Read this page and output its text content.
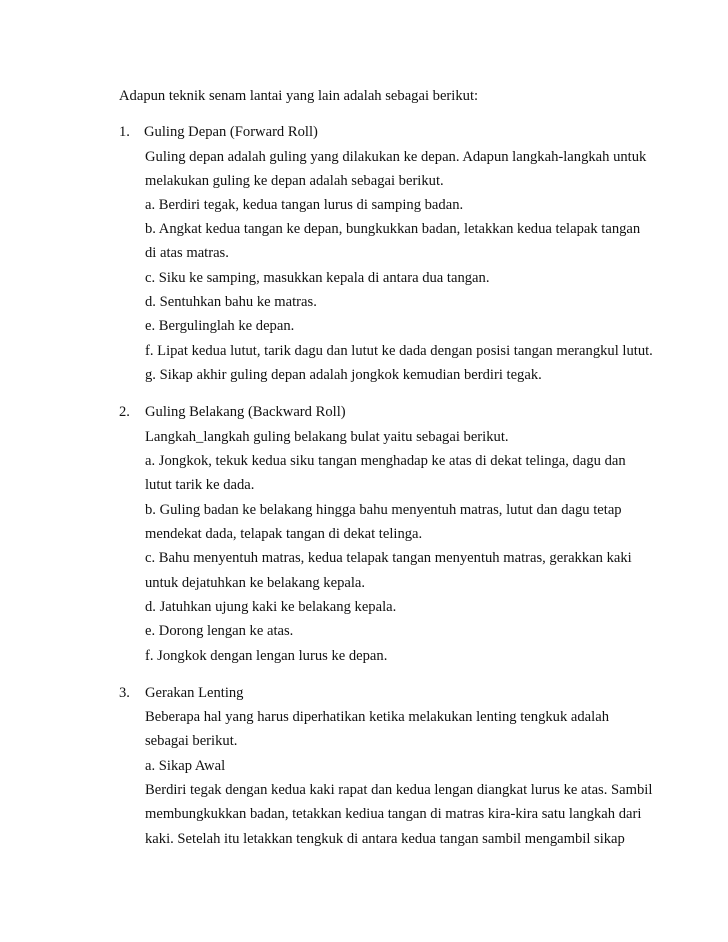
Adapun teknik senam lantai yang lain adalah sebagai berikut:
1. Guling Depan (Forward Roll)
Guling depan adalah guling yang dilakukan ke depan. Adapun langkah-langkah untuk
melakukan guling ke depan adalah sebagai berikut.
a. Berdiri tegak, kedua tangan lurus di samping badan.
b. Angkat kedua tangan ke depan, bungkukkan badan, letakkan kedua telapak tangan
di atas matras.
c. Siku ke samping, masukkan kepala di antara dua tangan.
d. Sentuhkan bahu ke matras.
e. Bergulinglah ke depan.
f. Lipat kedua lutut, tarik dagu dan lutut ke dada dengan posisi tangan merangkul lutut.
g. Sikap akhir guling depan adalah jongkok kemudian berdiri tegak.
2. Guling Belakang (Backward Roll)
Langkah_langkah guling belakang bulat yaitu sebagai berikut.
a. Jongkok, tekuk kedua siku tangan menghadap ke atas di dekat telinga, dagu dan
lutut tarik ke dada.
b. Guling badan ke belakang hingga bahu menyentuh matras, lutut dan dagu tetap
mendekat dada, telapak tangan di dekat telinga.
c. Bahu menyentuh matras, kedua telapak tangan menyentuh matras, gerakkan kaki
untuk dejatuhkan ke belakang kepala.
d. Jatuhkan ujung kaki ke belakang kepala.
e. Dorong lengan ke atas.
f. Jongkok dengan lengan lurus ke depan.
3. Gerakan Lenting
Beberapa hal yang harus diperhatikan ketika melakukan lenting tengkuk adalah
sebagai berikut.
a. Sikap Awal
Berdiri tegak dengan kedua kaki rapat dan kedua lengan diangkat lurus ke atas. Sambil
membungkukkan badan, tetakkan kediua tangan di matras kira-kira satu langkah dari
kaki. Setelah itu letakkan tengkuk di antara kedua tangan sambil mengambil sikap
